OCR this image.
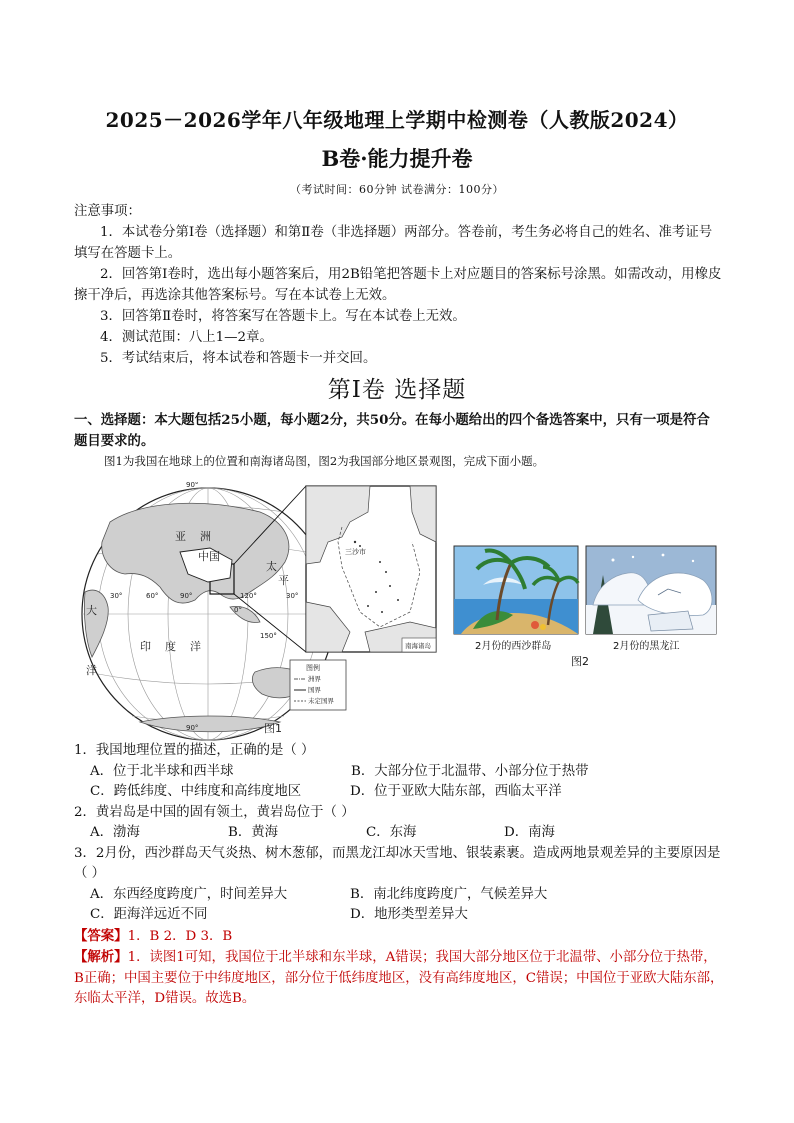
2025－2026学年八年级地理上学期中检测卷（人教版2024）
B卷·能力提升卷
（考试时间：60分钟 试卷满分：100分）

注意事项：

1．本试卷分第Ⅰ卷（选择题）和第Ⅱ卷（非选择题）两部分。答卷前，考生务必将自己的姓名、准考证号填写在答题卡上。

2．回答第Ⅰ卷时，选出每小题答案后，用2B铅笔把答题卡上对应题目的答案标号涂黑。如需改动，用橡皮擦干净后，再选涂其他答案标号。写在本试卷上无效。

3．回答第Ⅱ卷时，将答案写在答题卡上。写在本试卷上无效。

4．测试范围：八上1—2章。

5．考试结束后，将本试卷和答题卡一并交回。

第Ⅰ卷 选择题
一、选择题：本大题包括25小题，每小题2分，共50分。在每小题给出的四个备选答案中，只有一项是符合题目要求的。
图1为我国在地球上的位置和南海诸岛图，图2为我国部分地区景观图，完成下面小题。
亚 洲
中国
太
平
印 度 洋
大
洋
90°
90°
30°	60°	90°	120°	30°
0°
150°
三沙市
南海诸岛
图例
洲界
国界
未定国界
图1
2月份的西沙群岛	2月份的黑龙江
图2

1．我国地理位置的描述，正确的是（ ）

A．位于北半球和西半球	B．大部分位于北温带、小部分位于热带
C．跨低纬度、中纬度和高纬度地区	D．位于亚欧大陆东部，西临太平洋

2．黄岩岛是中国的固有领土，黄岩岛位于（ ）

A．渤海	B．黄海	C．东海	D．南海

3．2月份，西沙群岛天气炎热、树木葱郁，而黑龙江却冰天雪地、银装素裹。造成两地景观差异的主要原因是（ ）

A．东西经度跨度广，时间差异大	B．南北纬度跨度广，气候差异大
C．距海洋远近不同	D．地形类型差异大

【答案】1．B 2．D 3．B

【解析】1．读图1可知，我国位于北半球和东半球，A错误；我国大部分地区位于北温带、小部分位于热带，B正确；中国主要位于中纬度地区，部分位于低纬度地区，没有高纬度地区，C错误；中国位于亚欧大陆东部，东临太平洋，D错误。故选B。
